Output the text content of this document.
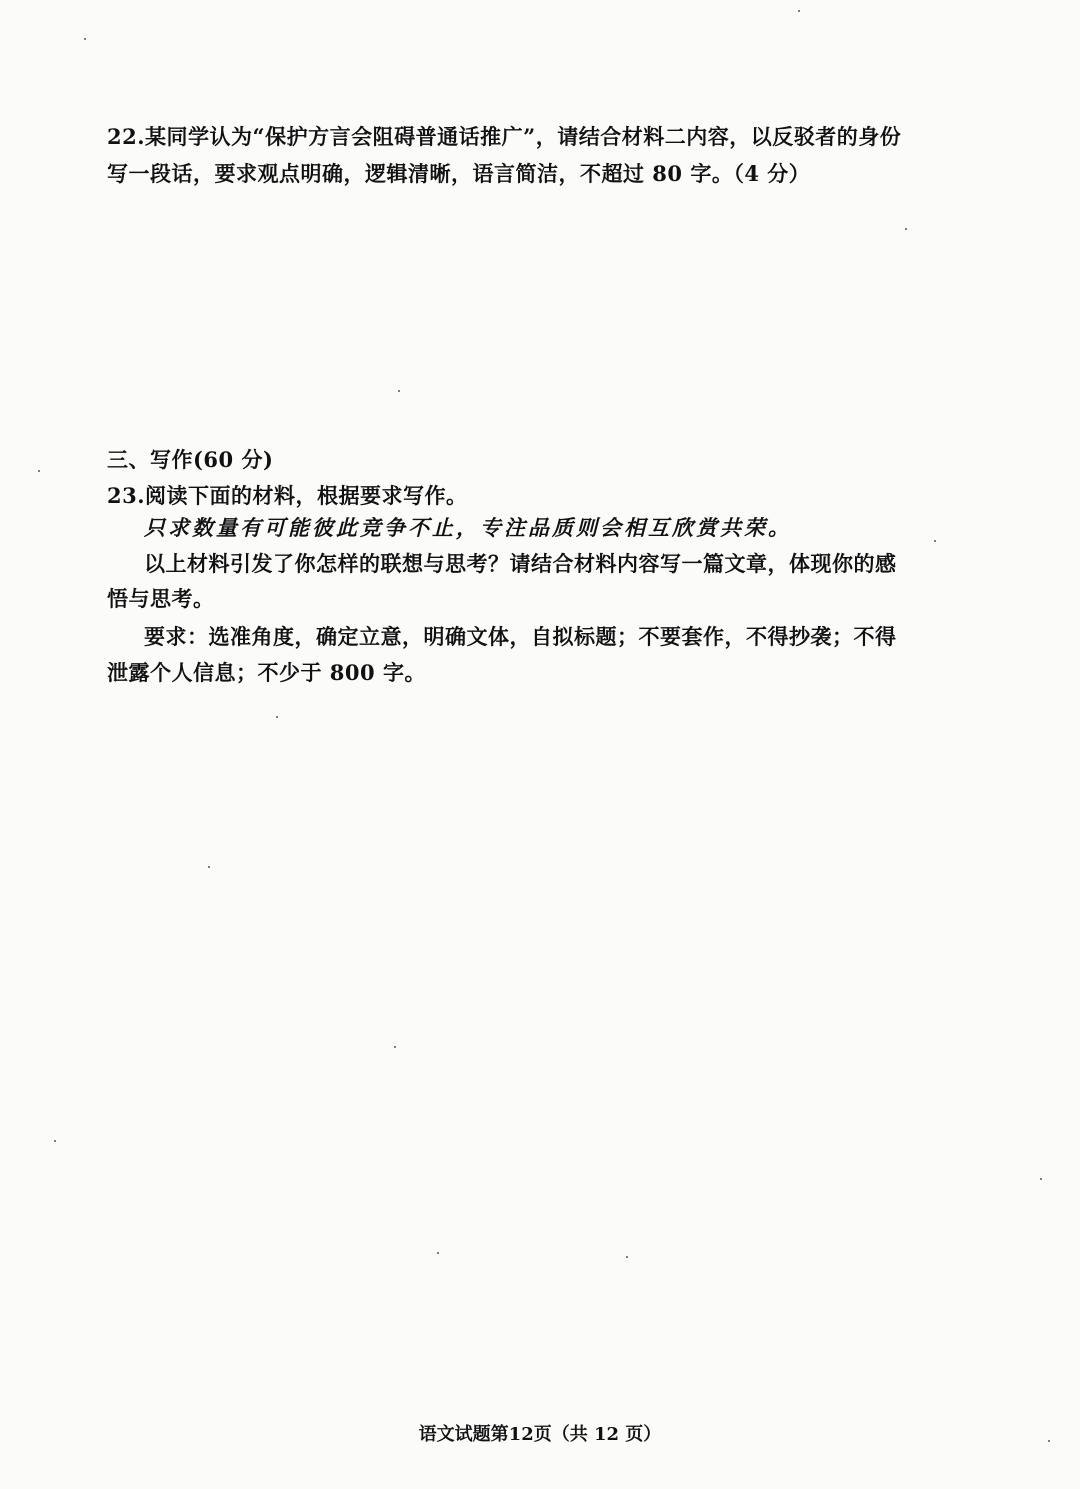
22.某同学认为“保护方言会阻碍普通话推广”，请结合材料二内容，以反驳者的身份
写一段话，要求观点明确，逻辑清晰，语言简洁，不超过 80 字。（4 分）
三、写作(60 分)
23.阅读下面的材料，根据要求写作。
只求数量有可能彼此竞争不止，专注品质则会相互欣赏共荣。
以上材料引发了你怎样的联想与思考？请结合材料内容写一篇文章，体现你的感
悟与思考。
要求：选准角度，确定立意，明确文体，自拟标题；不要套作，不得抄袭；不得
泄露个人信息；不少于 800 字。
语文试题第12页（共 12 页）
